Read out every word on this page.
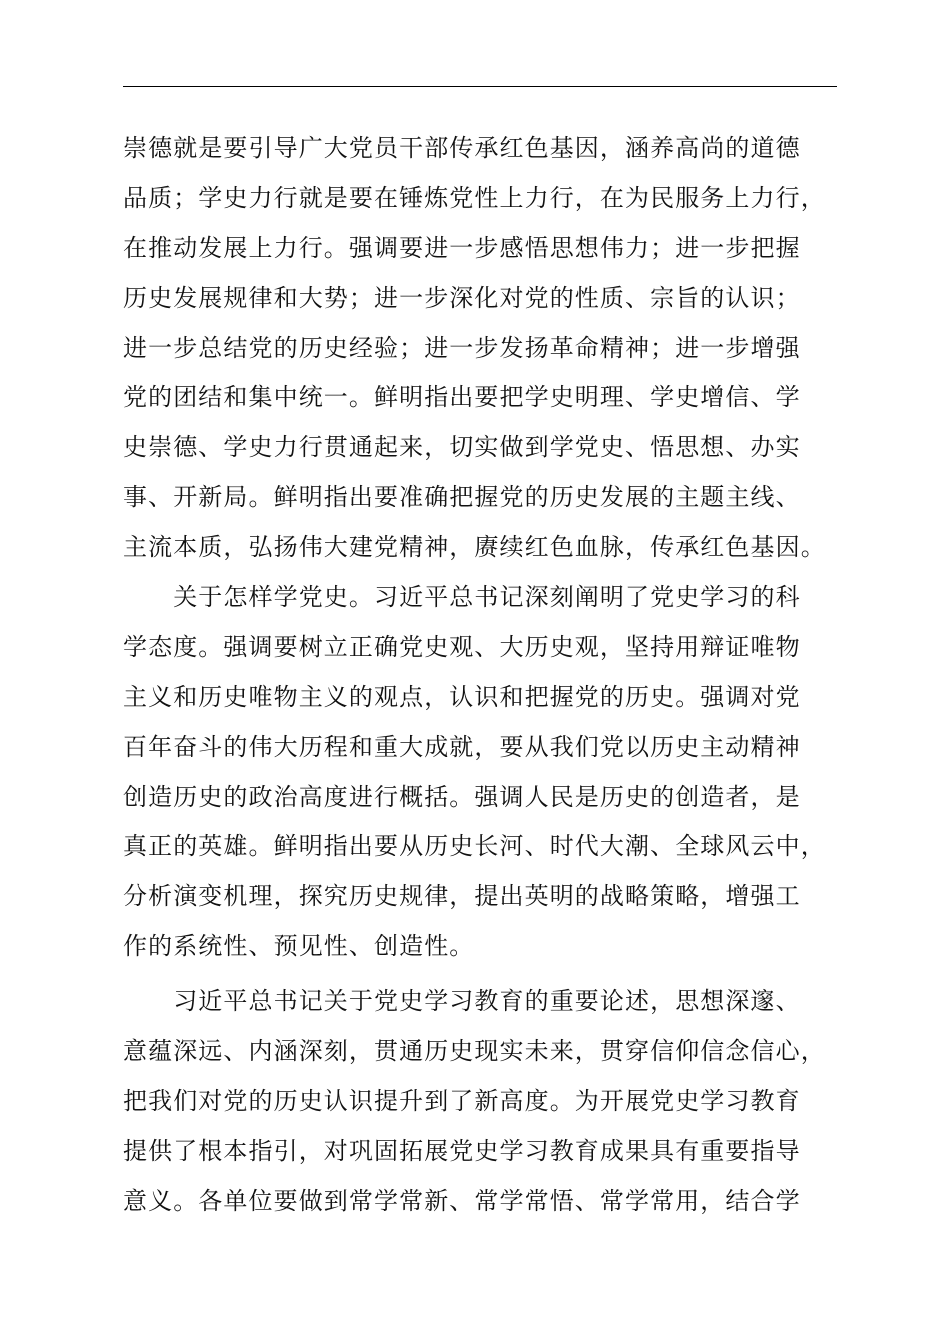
崇德就是要引导广大党员干部传承红色基因，涵养高尚的道德
品质；学史力行就是要在锤炼党性上力行，在为民服务上力行，
在推动发展上力行。强调要进一步感悟思想伟力；进一步把握
历史发展规律和大势；进一步深化对党的性质、宗旨的认识；
进一步总结党的历史经验；进一步发扬革命精神；进一步增强
党的团结和集中统一。鲜明指出要把学史明理、学史增信、学
史崇德、学史力行贯通起来，切实做到学党史、悟思想、办实
事、开新局。鲜明指出要准确把握党的历史发展的主题主线、
主流本质，弘扬伟大建党精神，赓续红色血脉，传承红色基因。
　　关于怎样学党史。习近平总书记深刻阐明了党史学习的科
学态度。强调要树立正确党史观、大历史观，坚持用辩证唯物
主义和历史唯物主义的观点，认识和把握党的历史。强调对党
百年奋斗的伟大历程和重大成就，要从我们党以历史主动精神
创造历史的政治高度进行概括。强调人民是历史的创造者，是
真正的英雄。鲜明指出要从历史长河、时代大潮、全球风云中，
分析演变机理，探究历史规律，提出英明的战略策略，增强工
作的系统性、预见性、创造性。
　　习近平总书记关于党史学习教育的重要论述，思想深邃、
意蕴深远、内涵深刻，贯通历史现实未来，贯穿信仰信念信心，
把我们对党的历史认识提升到了新高度。为开展党史学习教育
提供了根本指引，对巩固拓展党史学习教育成果具有重要指导
意义。各单位要做到常学常新、常学常悟、常学常用，结合学
